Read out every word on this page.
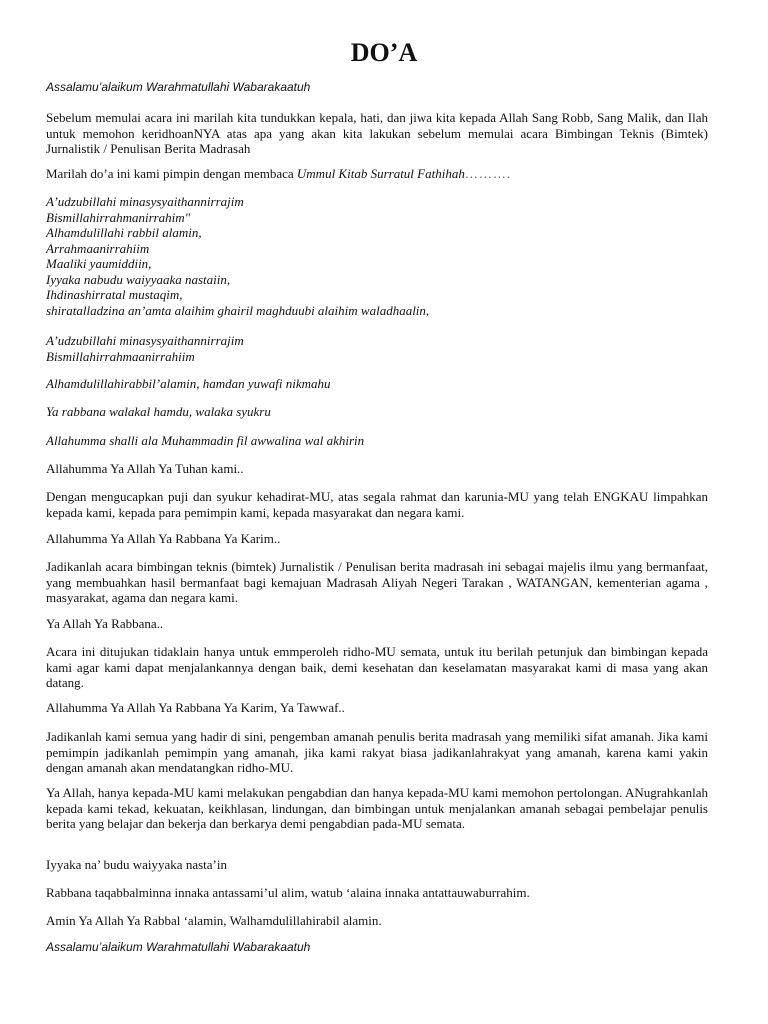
DO’A

Assalamu’alaikum Warahmatullahi Wabarakaatuh

Sebelum memulai acara ini marilah kita tundukkan kepala, hati, dan jiwa kita kepada Allah Sang Robb, Sang Malik, dan Ilah untuk memohon keridhoanNYA atas apa yang akan kita lakukan sebelum memulai acara Bimbingan Teknis (Bimtek) Jurnalistik / Penulisan Berita Madrasah

Marilah do’a ini kami pimpin dengan membaca Ummul Kitab Surratul Fathihah……….

A’udzubillahi minasysyaithannirrajim
Bismillahirrahmanirrahim"
Alhamdulillahi rabbil alamin,
Arrahmaanirrahiim
Maaliki yaumiddiin,
Iyyaka nabudu waiyyaaka nastaiin,
Ihdinashirratal mustaqim,
shiratalladzina an’amta alaihim ghairil maghduubi alaihim waladhaalin,
A’udzubillahi minasysyaithannirrajim
Bismillahirrahmaanirrahiim

Alhamdulillahirabbil’alamin, hamdan yuwafi nikmahu

Ya rabbana walakal hamdu, walaka syukru

Allahumma shalli ala Muhammadin fil awwalina wal akhirin

Allahumma Ya Allah Ya Tuhan kami..

Dengan mengucapkan puji dan syukur kehadirat-MU, atas segala rahmat dan karunia-MU yang telah ENGKAU limpahkan kepada kami, kepada para pemimpin kami, kepada masyarakat dan negara kami.

Allahumma Ya Allah Ya Rabbana Ya Karim..

Jadikanlah acara bimbingan teknis (bimtek) Jurnalistik / Penulisan berita madrasah ini sebagai majelis ilmu yang bermanfaat, yang membuahkan hasil bermanfaat bagi kemajuan Madrasah Aliyah Negeri Tarakan , WATANGAN, kementerian agama , masyarakat, agama dan negara kami.

Ya Allah Ya Rabbana..

Acara ini ditujukan tidaklain hanya untuk emmperoleh ridho-MU semata, untuk itu berilah petunjuk dan bimbingan kepada kami agar kami dapat menjalankannya dengan baik, demi kesehatan dan keselamatan masyarakat kami di masa yang akan datang.

Allahumma Ya Allah Ya Rabbana Ya Karim, Ya Tawwaf..

Jadikanlah kami semua yang hadir di sini, pengemban amanah penulis berita madrasah yang memiliki sifat amanah. Jika kami pemimpin jadikanlah pemimpin yang amanah, jika kami rakyat biasa jadikanlahrakyat yang amanah, karena kami yakin dengan amanah akan mendatangkan ridho-MU.

Ya Allah, hanya kepada-MU kami melakukan pengabdian dan hanya kepada-MU kami memohon pertolongan. ANugrahkanlah kepada kami tekad, kekuatan, keikhlasan, lindungan, dan bimbingan untuk menjalankan amanah sebagai pembelajar penulis berita yang belajar dan bekerja dan berkarya demi pengabdian pada-MU semata.

Iyyaka na’ budu waiyyaka nasta’in

Rabbana taqabbalminna innaka antassami’ul alim, watub ‘alaina innaka antattauwaburrahim.

Amin Ya Allah Ya Rabbal ‘alamin, Walhamdulillahirabil alamin.

Assalamu’alaikum Warahmatullahi Wabarakaatuh
